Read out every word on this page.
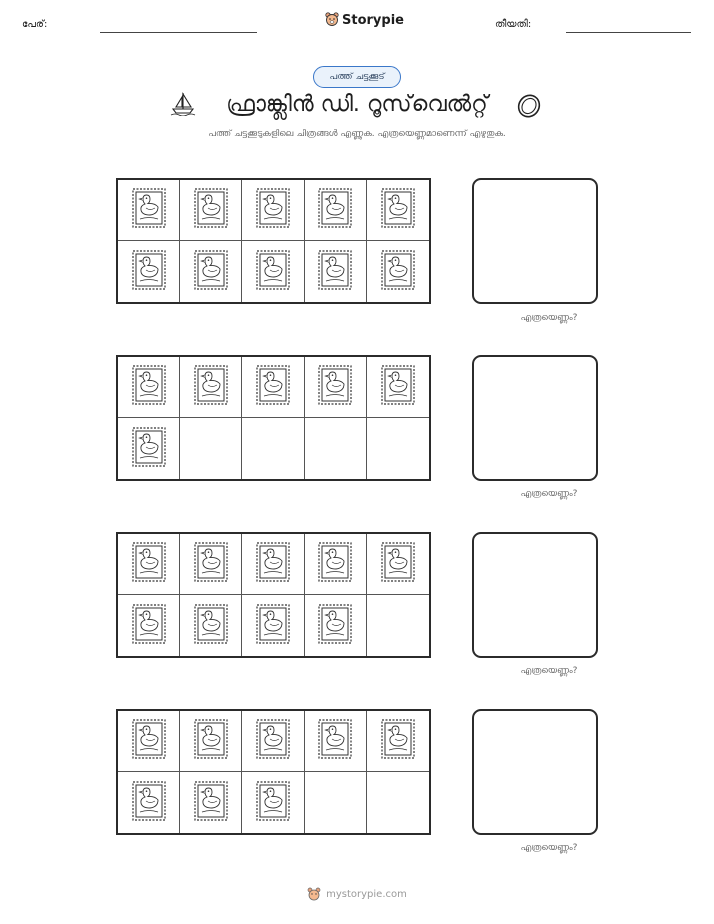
പേര്:	Storypie	തീയതി:
പത്ത് ചട്ടക്കൂട്
ഫ്രാങ്ക്ലിൻ ഡി. റൂസ്‌വെൽറ്റ്
പത്ത് ചട്ടക്കൂടുകളിലെ ചിത്രങ്ങൾ എണ്ണുക. എത്രയെണ്ണമാണെന്ന് എഴുതുക.
എത്രയെണ്ണം?
എത്രയെണ്ണം?
എത്രയെണ്ണം?
എത്രയെണ്ണം?
mystorypie.com
